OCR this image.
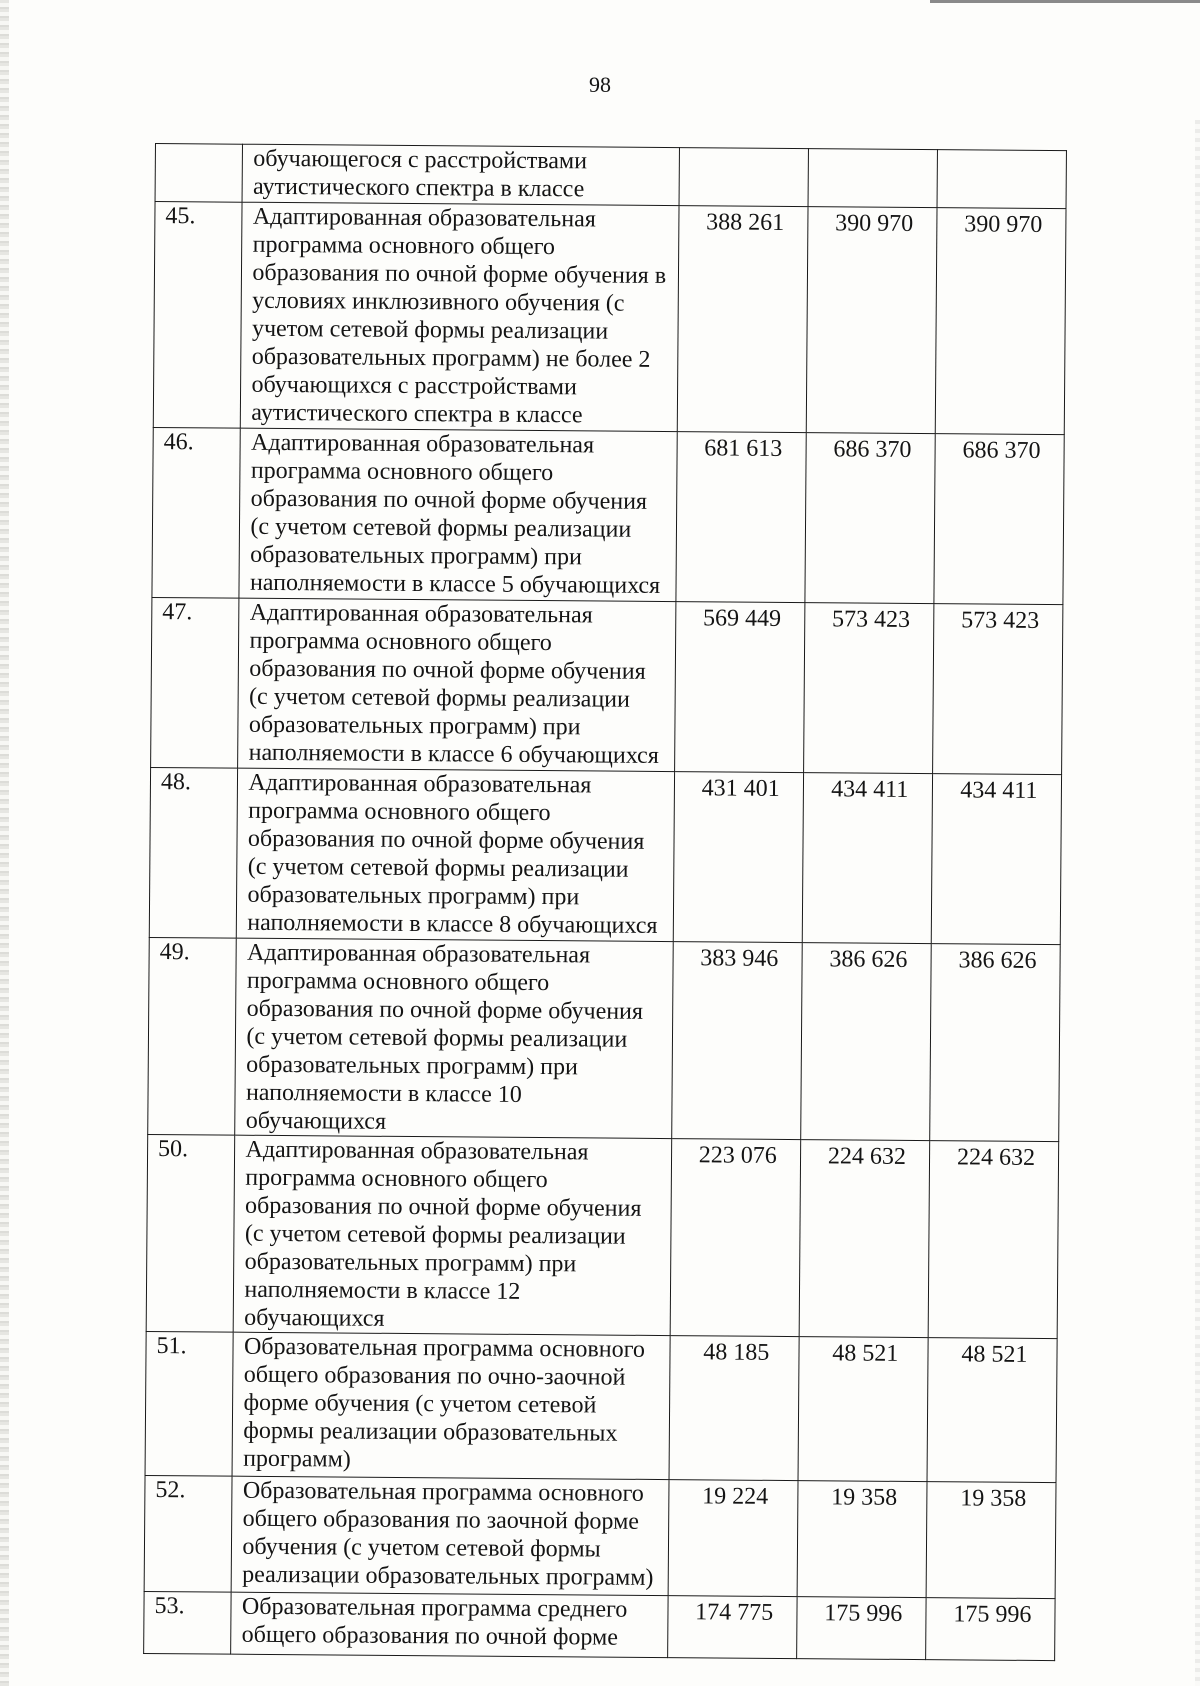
98
	обучающегося с расстройствами аутистического спектра в классе	

45.	Адаптированная образовательная программа основного общего образования по очной форме обучения в условиях инклюзивного обучения (с учетом сетевой формы реализации образовательных программ) не более 2 обучающихся с расстройствами аутистического спектра в классе	388 261	390 970	390 970

46.	Адаптированная образовательная программа основного общего образования по очной форме обучения (с учетом сетевой формы реализации образовательных программ) при наполняемости в классе 5 обучающихся	681 613	686 370	686 370

47.	Адаптированная образовательная программа основного общего образования по очной форме обучения (с учетом сетевой формы реализации образовательных программ) при наполняемости в классе 6 обучающихся	569 449	573 423	573 423

48.	Адаптированная образовательная программа основного общего образования по очной форме обучения (с учетом сетевой формы реализации образовательных программ) при наполняемости в классе 8 обучающихся	431 401	434 411	434 411

49.	Адаптированная образовательная программа основного общего образования по очной форме обучения (с учетом сетевой формы реализации образовательных программ) при наполняемости в классе 10 обучающихся	383 946	386 626	386 626

50.	Адаптированная образовательная программа основного общего образования по очной форме обучения (с учетом сетевой формы реализации образовательных программ) при наполняемости в классе 12 обучающихся	223 076	224 632	224 632

51.	Образовательная программа основного общего образования по очно-заочной форме обучения (с учетом сетевой формы реализации образовательных программ)	48 185	48 521	48 521

52.	Образовательная программа основного общего образования по заочной форме обучения (с учетом сетевой формы реализации образовательных программ)	19 224	19 358	19 358

53.	Образовательная программа среднего общего образования по очной форме	174 775	175 996	175 996
